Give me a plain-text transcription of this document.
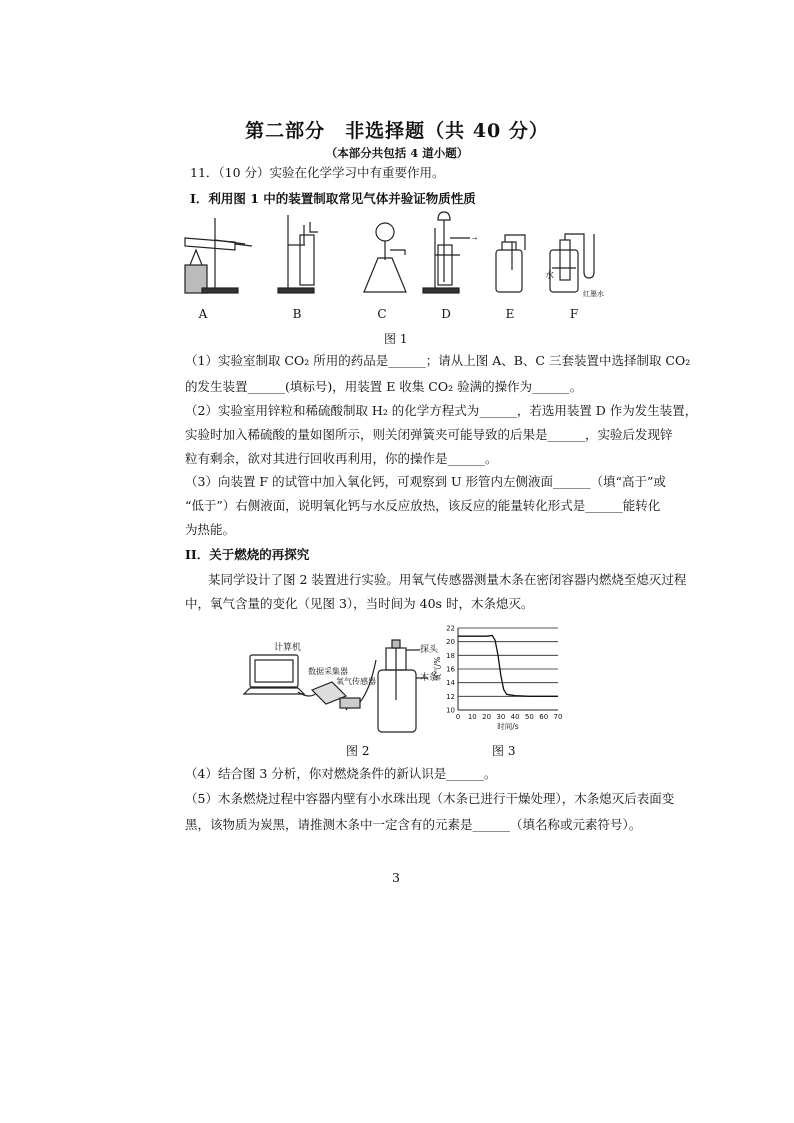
第二部分　非选择题（共 40 分）
（本部分共包括 4 道小题）
11．（10 分）实验在化学学习中有重要作用。
I．利用图 1 中的装置制取常见气体并验证物质性质
→
水
红墨水
A	B	C	D	E	F
图 1
（1）实验室制取 CO₂ 所用的药品是______；请从上图 A、B、C 三套装置中选择制取 CO₂
的发生装置______(填标号)，用装置 E 收集 CO₂ 验满的操作为______。
（2）实验室用锌粒和稀硫酸制取 H₂ 的化学方程式为______，若选用装置 D 作为发生装置，
实验时加入稀硫酸的量如图所示，则关闭弹簧夹可能导致的后果是______，实验后发现锌
粒有剩余，欲对其进行回收再利用，你的操作是______。
（3）向装置 F 的试管中加入氧化钙，可观察到 U 形管内左侧液面______（填“高于”或
“低于”）右侧液面，说明氧化钙与水反应放热，该反应的能量转化形式是______能转化
为热能。
II．关于燃烧的再探究
某同学设计了图 2 装置进行实验。用氧气传感器测量木条在密闭容器内燃烧至熄灭过程
中，氧气含量的变化（见图 3），当时间为 40s 时，木条熄灭。
计算机
数据采集器
氧气传感器
探头
木条
图 2
10
12
14
16
18
20
22
0 10 20 30 40 50 60 70
时间/s
氧气/%
图 3
（4）结合图 3 分析，你对燃烧条件的新认识是______。
（5）木条燃烧过程中容器内壁有小水珠出现（木条已进行干燥处理），木条熄灭后表面变
黑，该物质为炭黑，请推测木条中一定含有的元素是______（填名称或元素符号）。
3
